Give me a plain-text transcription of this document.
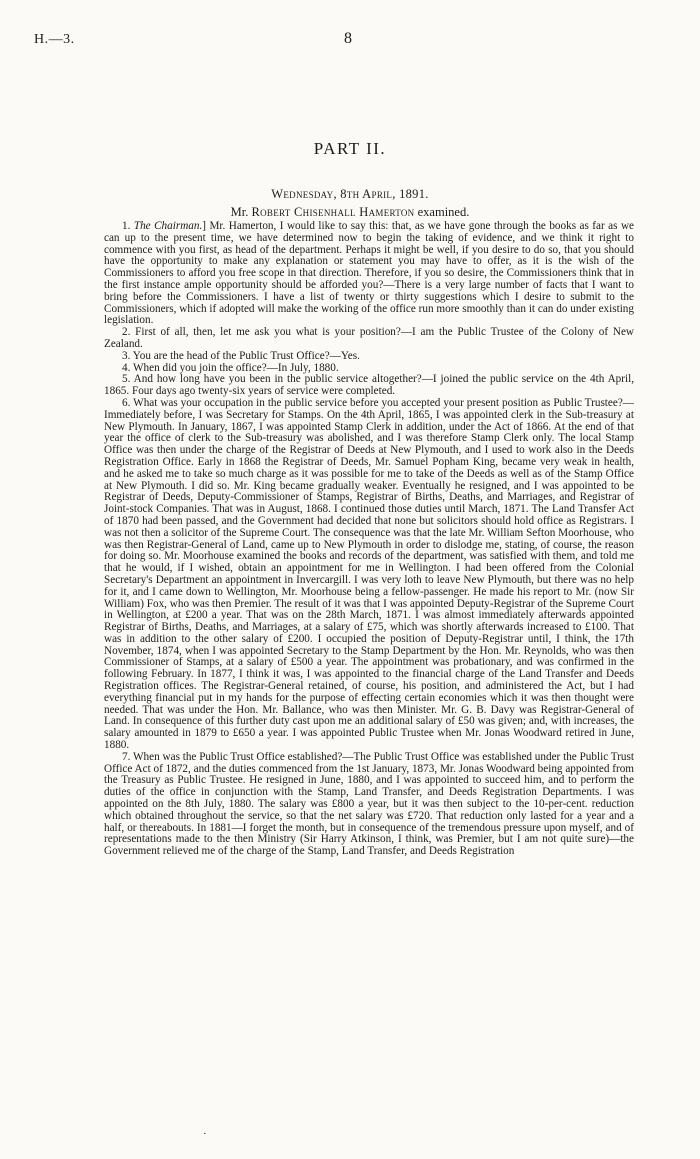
H.—3.	8
PART II.
Wednesday, 8th April, 1891.
Mr. Robert Chisenhall Hamerton examined.

1. The Chairman.] Mr. Hamerton, I would like to say this: that, as we have gone through the books as far as we can up to the present time, we have determined now to begin the taking of evidence, and we think it right to commence with you first, as head of the department. Perhaps it might be well, if you desire to do so, that you should have the opportunity to make any explanation or statement you may have to offer, as it is the wish of the Commissioners to afford you free scope in that direction. Therefore, if you so desire, the Commissioners think that in the first instance ample opportunity should be afforded you?—There is a very large number of facts that I want to bring before the Commissioners. I have a list of twenty or thirty suggestions which I desire to submit to the Commissioners, which if adopted will make the working of the office run more smoothly than it can do under existing legislation.

2. First of all, then, let me ask you what is your position?—I am the Public Trustee of the Colony of New Zealand.

3. You are the head of the Public Trust Office?—Yes.

4. When did you join the office?—In July, 1880.

5. And how long have you been in the public service altogether?—I joined the public service on the 4th April, 1865. Four days ago twenty-six years of service were completed.

6. What was your occupation in the public service before you accepted your present position as Public Trustee?—Immediately before, I was Secretary for Stamps. On the 4th April, 1865, I was appointed clerk in the Sub-treasury at New Plymouth. In January, 1867, I was appointed Stamp Clerk in addition, under the Act of 1866. At the end of that year the office of clerk to the Sub-treasury was abolished, and I was therefore Stamp Clerk only. The local Stamp Office was then under the charge of the Registrar of Deeds at New Plymouth, and I used to work also in the Deeds Registration Office. Early in 1868 the Registrar of Deeds, Mr. Samuel Popham King, became very weak in health, and he asked me to take so much charge as it was possible for me to take of the Deeds as well as of the Stamp Office at New Plymouth. I did so. Mr. King became gradually weaker. Eventually he resigned, and I was appointed to be Registrar of Deeds, Deputy-Commissioner of Stamps, Registrar of Births, Deaths, and Marriages, and Registrar of Joint-stock Companies. That was in August, 1868. I continued those duties until March, 1871. The Land Transfer Act of 1870 had been passed, and the Government had decided that none but solicitors should hold office as Registrars. I was not then a solicitor of the Supreme Court. The consequence was that the late Mr. William Sefton Moorhouse, who was then Registrar-General of Land, came up to New Plymouth in order to dislodge me, stating, of course, the reason for doing so. Mr. Moorhouse examined the books and records of the department, was satisfied with them, and told me that he would, if I wished, obtain an appointment for me in Wellington. I had been offered from the Colonial Secretary's Department an appointment in Invercargill. I was very loth to leave New Plymouth, but there was no help for it, and I came down to Wellington, Mr. Moorhouse being a fellow-passenger. He made his report to Mr. (now Sir William) Fox, who was then Premier. The result of it was that I was appointed Deputy-Registrar of the Supreme Court in Wellington, at £200 a year. That was on the 28th March, 1871. I was almost immediately afterwards appointed Registrar of Births, Deaths, and Marriages, at a salary of £75, which was shortly afterwards increased to £100. That was in addition to the other salary of £200. I occupied the position of Deputy-Registrar until, I think, the 17th November, 1874, when I was appointed Secretary to the Stamp Department by the Hon. Mr. Reynolds, who was then Commissioner of Stamps, at a salary of £500 a year. The appointment was probationary, and was confirmed in the following February. In 1877, I think it was, I was appointed to the financial charge of the Land Transfer and Deeds Registration offices. The Registrar-General retained, of course, his position, and administered the Act, but I had everything financial put in my hands for the purpose of effecting certain economies which it was then thought were needed. That was under the Hon. Mr. Ballance, who was then Minister. Mr. G. B. Davy was Registrar-General of Land. In consequence of this further duty cast upon me an additional salary of £50 was given; and, with increases, the salary amounted in 1879 to £650 a year. I was appointed Public Trustee when Mr. Jonas Woodward retired in June, 1880.

7. When was the Public Trust Office established?—The Public Trust Office was established under the Public Trust Office Act of 1872, and the duties commenced from the 1st January, 1873, Mr. Jonas Woodward being appointed from the Treasury as Public Trustee. He resigned in June, 1880, and I was appointed to succeed him, and to perform the duties of the office in conjunction with the Stamp, Land Transfer, and Deeds Registration Departments. I was appointed on the 8th July, 1880. The salary was £800 a year, but it was then subject to the 10-per-cent. reduction which obtained throughout the service, so that the net salary was £720. That reduction only lasted for a year and a half, or thereabouts. In 1881—I forget the month, but in consequence of the tremendous pressure upon myself, and of representations made to the then Ministry (Sir Harry Atkinson, I think, was Premier, but I am not quite sure)—the Government relieved me of the charge of the Stamp, Land Transfer, and Deeds Registration

·
